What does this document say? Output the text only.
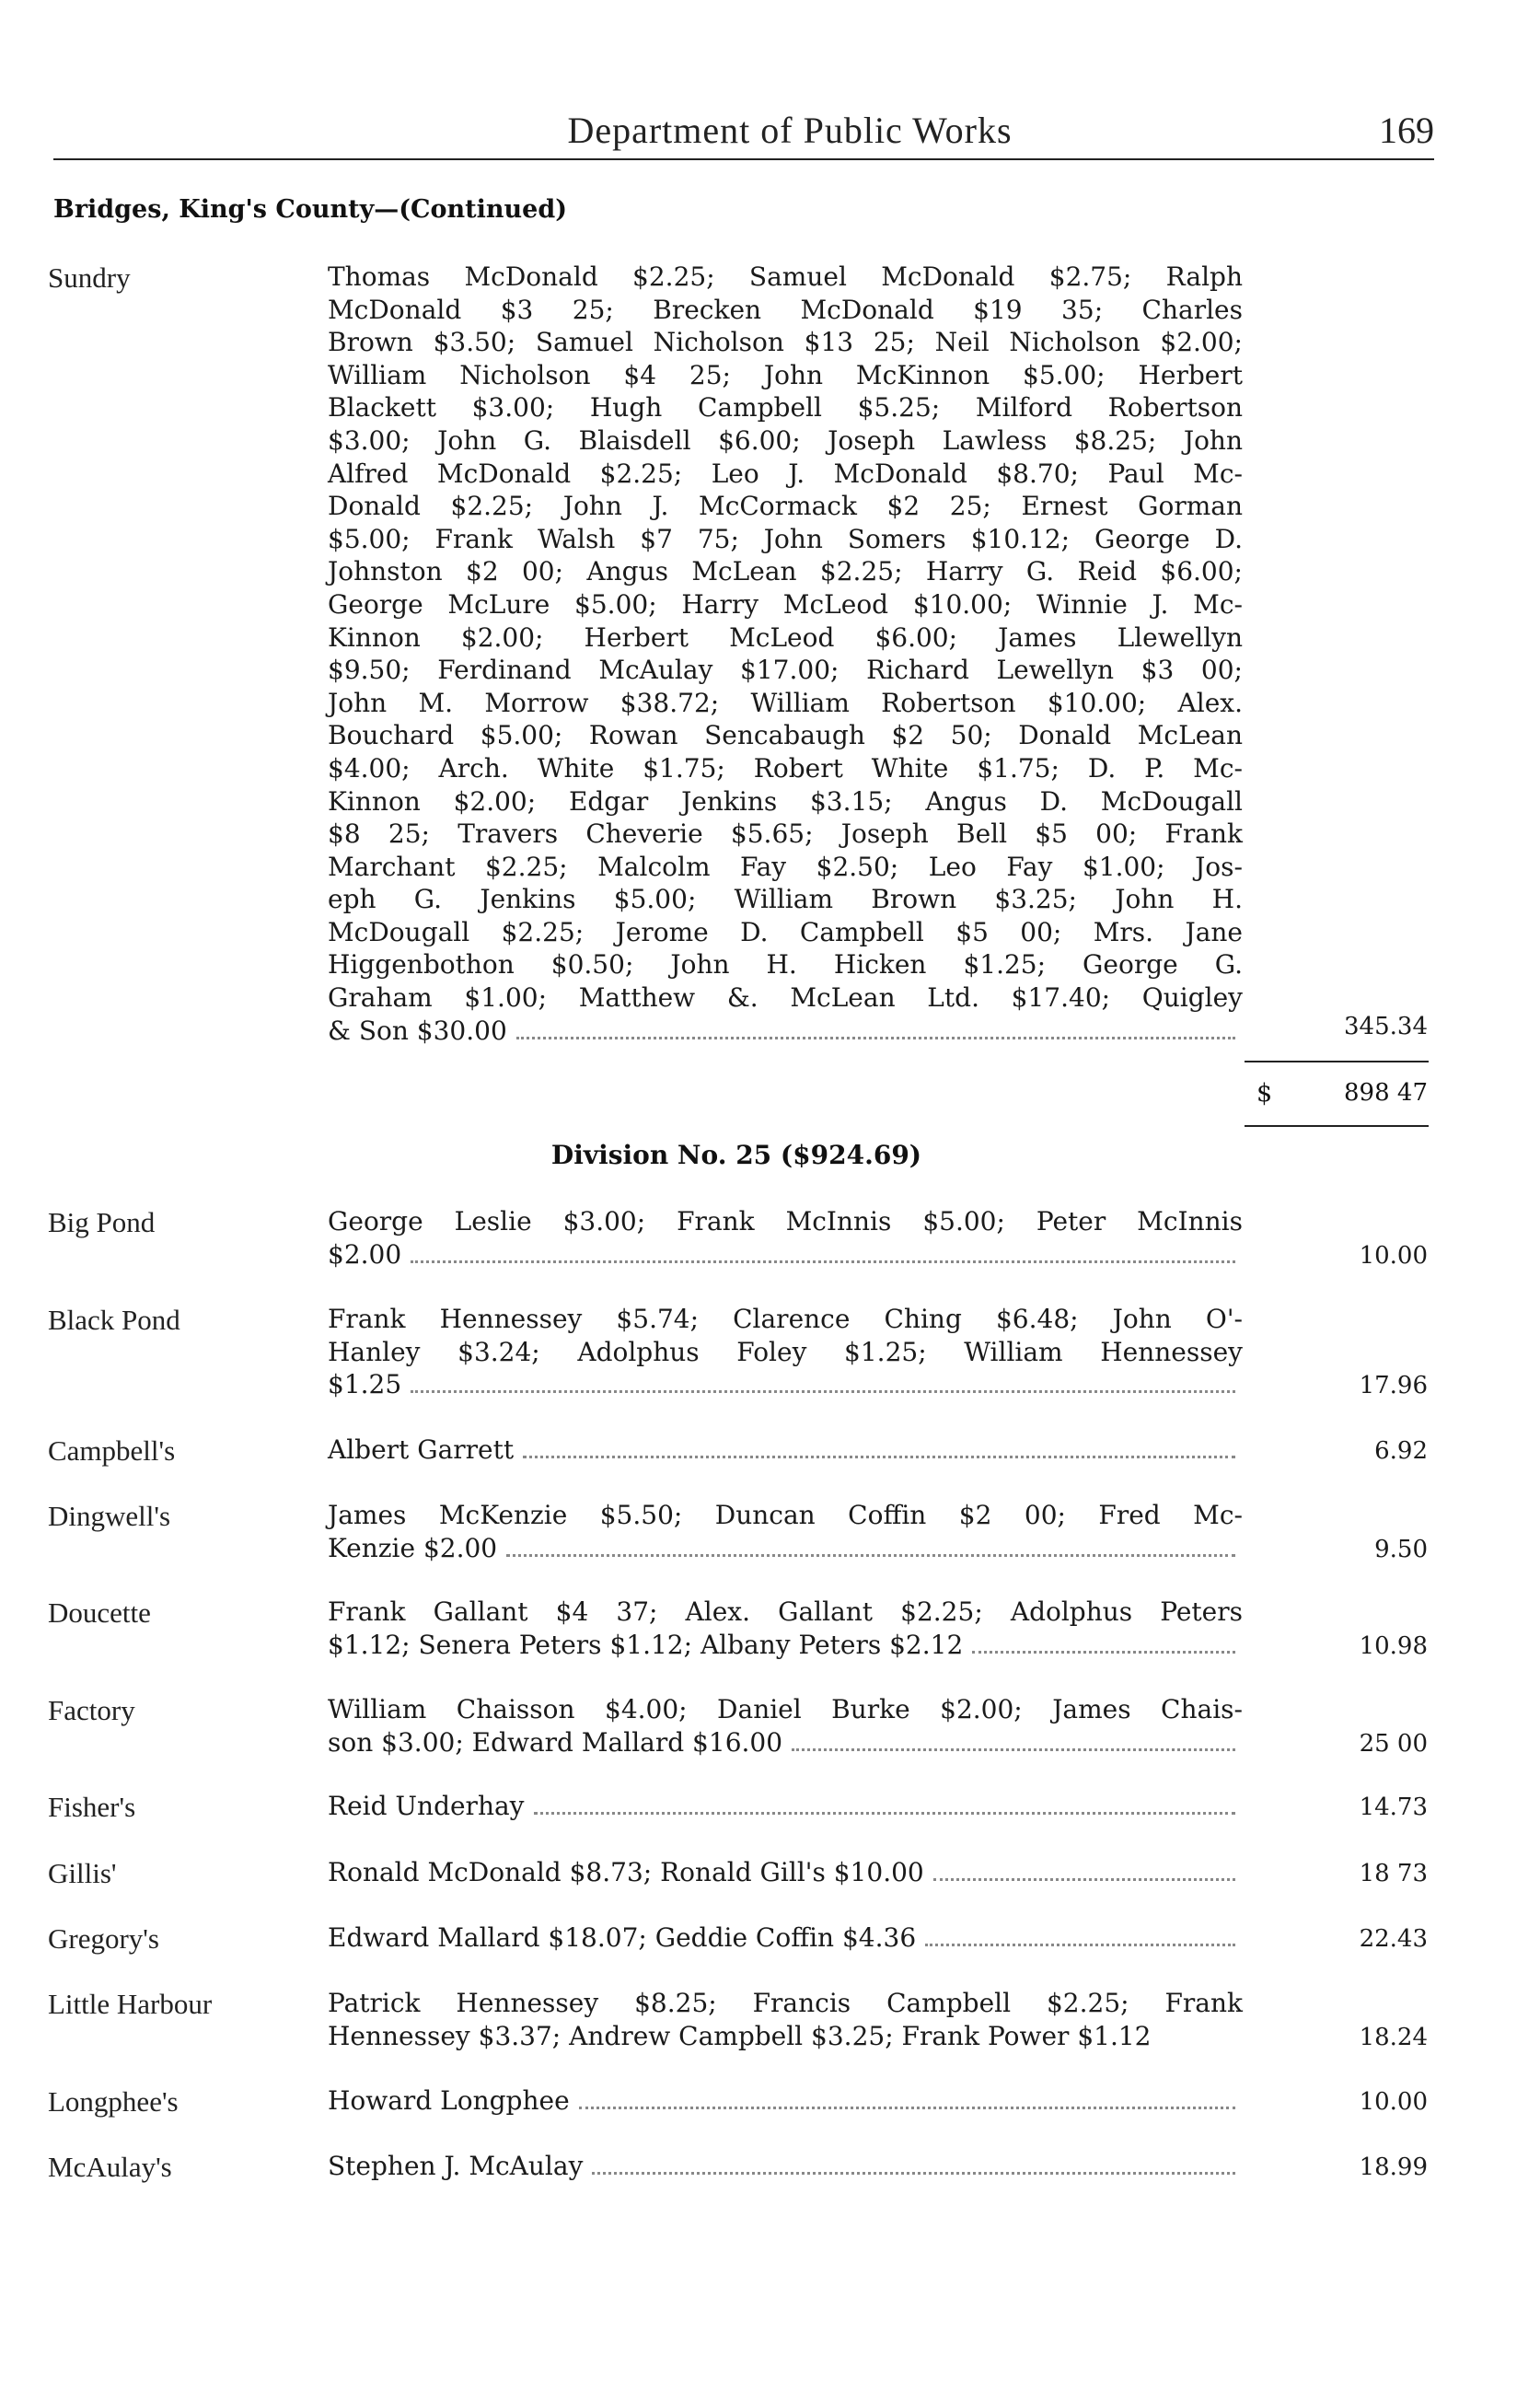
Department of Public Works	169
Bridges, King's County—(Continued)
Sundry	Thomas McDonald $2.25; Samuel McDonald $2.75; Ralph
McDonald $3 25; Brecken McDonald $19 35; Charles
Brown $3.50; Samuel Nicholson $13 25; Neil Nicholson $2.00;
William Nicholson $4 25; John McKinnon $5.00; Herbert
Blackett $3.00; Hugh Campbell $5.25; Milford Robertson
$3.00; John G. Blaisdell $6.00; Joseph Lawless $8.25; John
Alfred McDonald $2.25; Leo J. McDonald $8.70; Paul Mc-
Donald $2.25; John J. McCormack $2 25; Ernest Gorman
$5.00; Frank Walsh $7 75; John Somers $10.12; George D.
Johnston $2 00; Angus McLean $2.25; Harry G. Reid $6.00;
George McLure $5.00; Harry McLeod $10.00; Winnie J. Mc-
Kinnon $2.00; Herbert McLeod $6.00; James Llewellyn
$9.50; Ferdinand McAulay $17.00; Richard Lewellyn $3 00;
John M. Morrow $38.72; William Robertson $10.00; Alex.
Bouchard $5.00; Rowan Sencabaugh $2 50; Donald McLean
$4.00; Arch. White $1.75; Robert White $1.75; D. P. Mc-
Kinnon $2.00; Edgar Jenkins $3.15; Angus D. McDougall
$8 25; Travers Cheverie $5.65; Joseph Bell $5 00; Frank
Marchant $2.25; Malcolm Fay $2.50; Leo Fay $1.00; Jos-
eph G. Jenkins $5.00; William Brown $3.25; John H.
McDougall $2.25; Jerome D. Campbell $5 00; Mrs. Jane
Higgenbothon $0.50; John H. Hicken $1.25; George G.
Graham $1.00; Matthew &. McLean Ltd. $17.40; Quigley
& Son $30.00	345.34
$	898 47
Division No. 25 ($924.69)
Big Pond	George Leslie $3.00; Frank McInnis $5.00; Peter McInnis
$2.00	10.00
Black Pond	Frank Hennessey $5.74; Clarence Ching $6.48; John O'-
Hanley $3.24; Adolphus Foley $1.25; William Hennessey
$1.25	17.96
Campbell's	Albert Garrett	6.92
Dingwell's	James McKenzie $5.50; Duncan Coffin $2 00; Fred Mc-
Kenzie $2.00	9.50
Doucette	Frank Gallant $4 37; Alex. Gallant $2.25; Adolphus Peters
$1.12; Senera Peters $1.12; Albany Peters $2.12	10.98
Factory	William Chaisson $4.00; Daniel Burke $2.00; James Chais-
son $3.00; Edward Mallard $16.00	25 00
Fisher's	Reid Underhay	14.73
Gillis'	Ronald McDonald $8.73; Ronald Gill's $10.00	18 73
Gregory's	Edward Mallard $18.07; Geddie Coffin $4.36	22.43
Little Harbour	Patrick Hennessey $8.25; Francis Campbell $2.25; Frank
Hennessey $3.37; Andrew Campbell $3.25; Frank Power $1.12	18.24
Longphee's	Howard Longphee	10.00
McAulay's	Stephen J. McAulay	18.99
